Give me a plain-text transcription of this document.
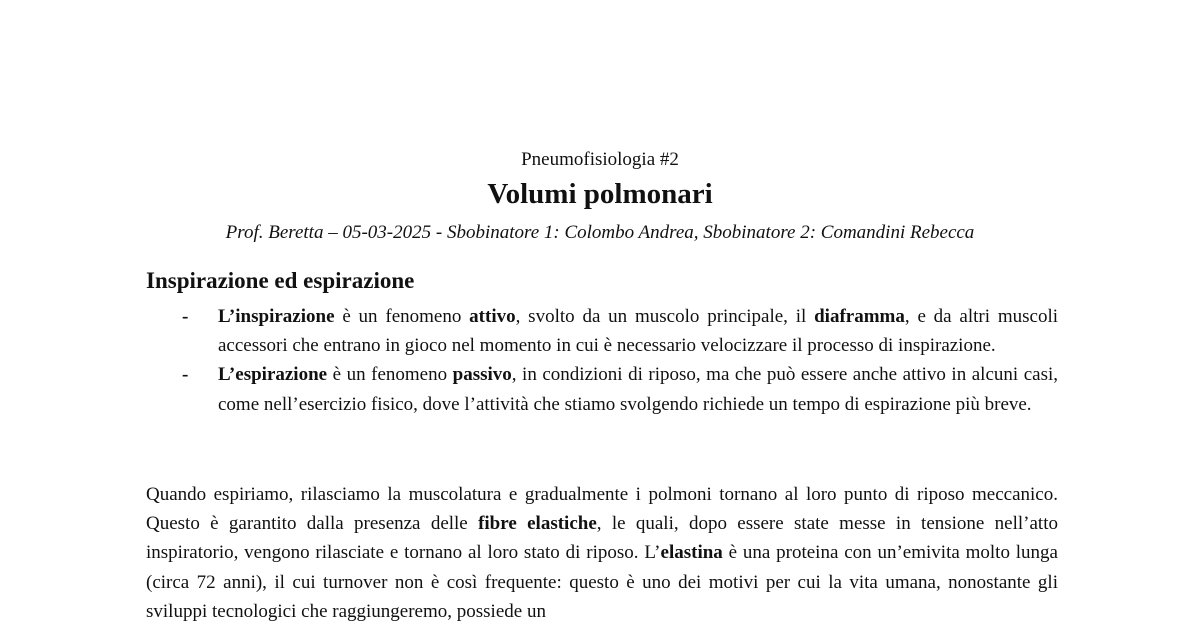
Pneumofisiologia #2

Volumi polmonari

Prof. Beretta – 05-03-2025 - Sbobinatore 1: Colombo Andrea, Sbobinatore 2: Comandini Rebecca

Inspirazione ed espirazione
- L’inspirazione è un fenomeno attivo, svolto da un muscolo principale, il diaframma, e da altri muscoli accessori che entrano in gioco nel momento in cui è necessario velocizzare il processo di inspirazione.
- L’espirazione è un fenomeno passivo, in condizioni di riposo, ma che può essere anche attivo in alcuni casi, come nell’esercizio fisico, dove l’attività che stiamo svolgendo richiede un tempo di espirazione più breve.

Quando espiriamo, rilasciamo la muscolatura e gradualmente i polmoni tornano al loro punto di riposo meccanico. Questo è garantito dalla presenza delle fibre elastiche, le quali, dopo essere state messe in tensione nell’atto inspiratorio, vengono rilasciate e tornano al loro stato di riposo. L’elastina è una proteina con un’emivita molto lunga (circa 72 anni), il cui turnover non è così frequente: questo è uno dei motivi per cui la vita umana, nonostante gli sviluppi tecnologici che raggiungeremo, possiede un
